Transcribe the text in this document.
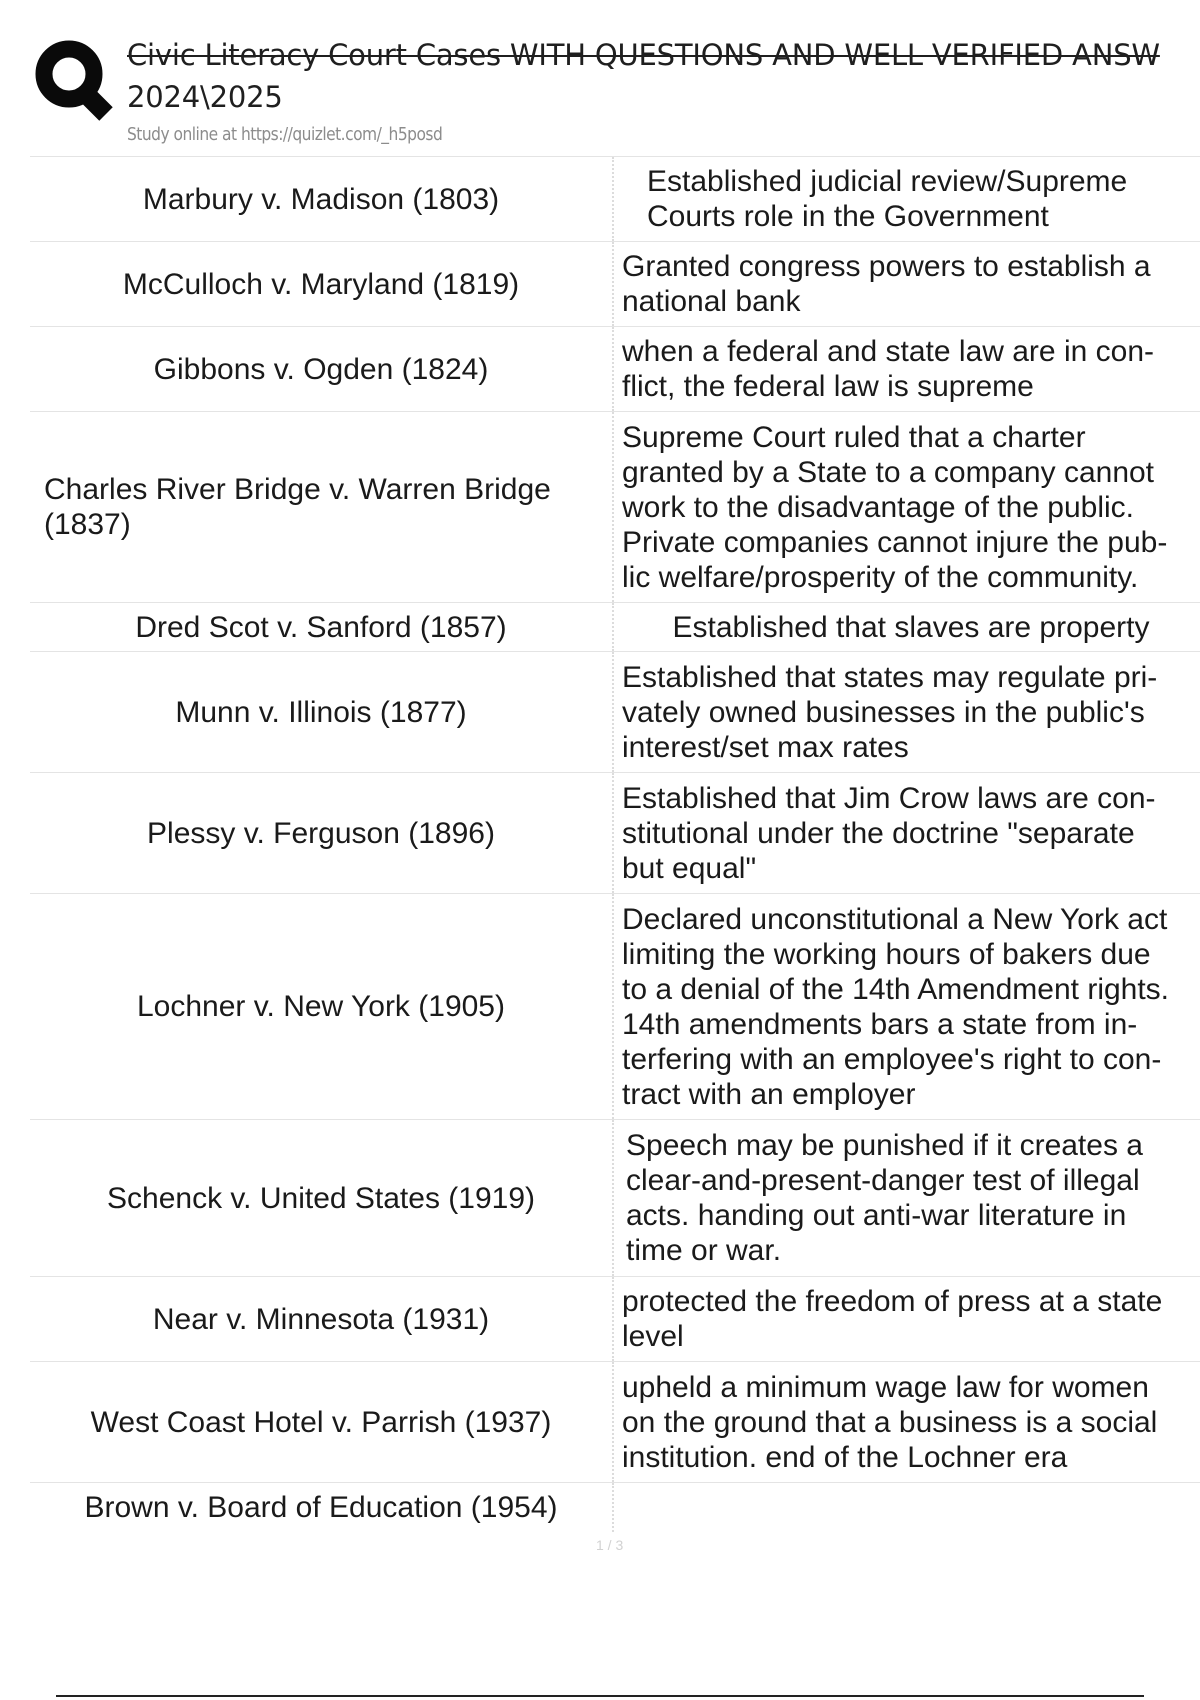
Civic Literacy Court Cases WITH QUESTIONS AND WELL VERIFIED ANSW
2024\2025
Study online at https://quizlet.com/_h5posd
Marbury v. Madison (1803)
Established judicial review/Supreme
Courts role in the Government
McCulloch v. Maryland (1819)
Granted congress powers to establish a
national bank
Gibbons v. Ogden (1824)
when a federal and state law are in con-
flict, the federal law is supreme
Charles River Bridge v. Warren Bridge
(1837)
Supreme Court ruled that a charter
granted by a State to a company cannot
work to the disadvantage of the public.
Private companies cannot injure the pub-
lic welfare/prosperity of the community.
Dred Scot v. Sanford (1857)	Established that slaves are property
Munn v. Illinois (1877)
Established that states may regulate pri-
vately owned businesses in the public's
interest/set max rates
Plessy v. Ferguson (1896)
Established that Jim Crow laws are con-
stitutional under the doctrine "separate
but equal"
Lochner v. New York (1905)
Declared unconstitutional a New York act
limiting the working hours of bakers due
to a denial of the 14th Amendment rights.
14th amendments bars a state from in-
terfering with an employee's right to con-
tract with an employer
Schenck v. United States (1919)
Speech may be punished if it creates a
clear-and-present-danger test of illegal
acts. handing out anti-war literature in
time or war.
Near v. Minnesota (1931)
protected the freedom of press at a state
level
West Coast Hotel v. Parrish (1937)
upheld a minimum wage law for women
on the ground that a business is a social
institution. end of the Lochner era
Brown v. Board of Education (1954)
1 / 3
